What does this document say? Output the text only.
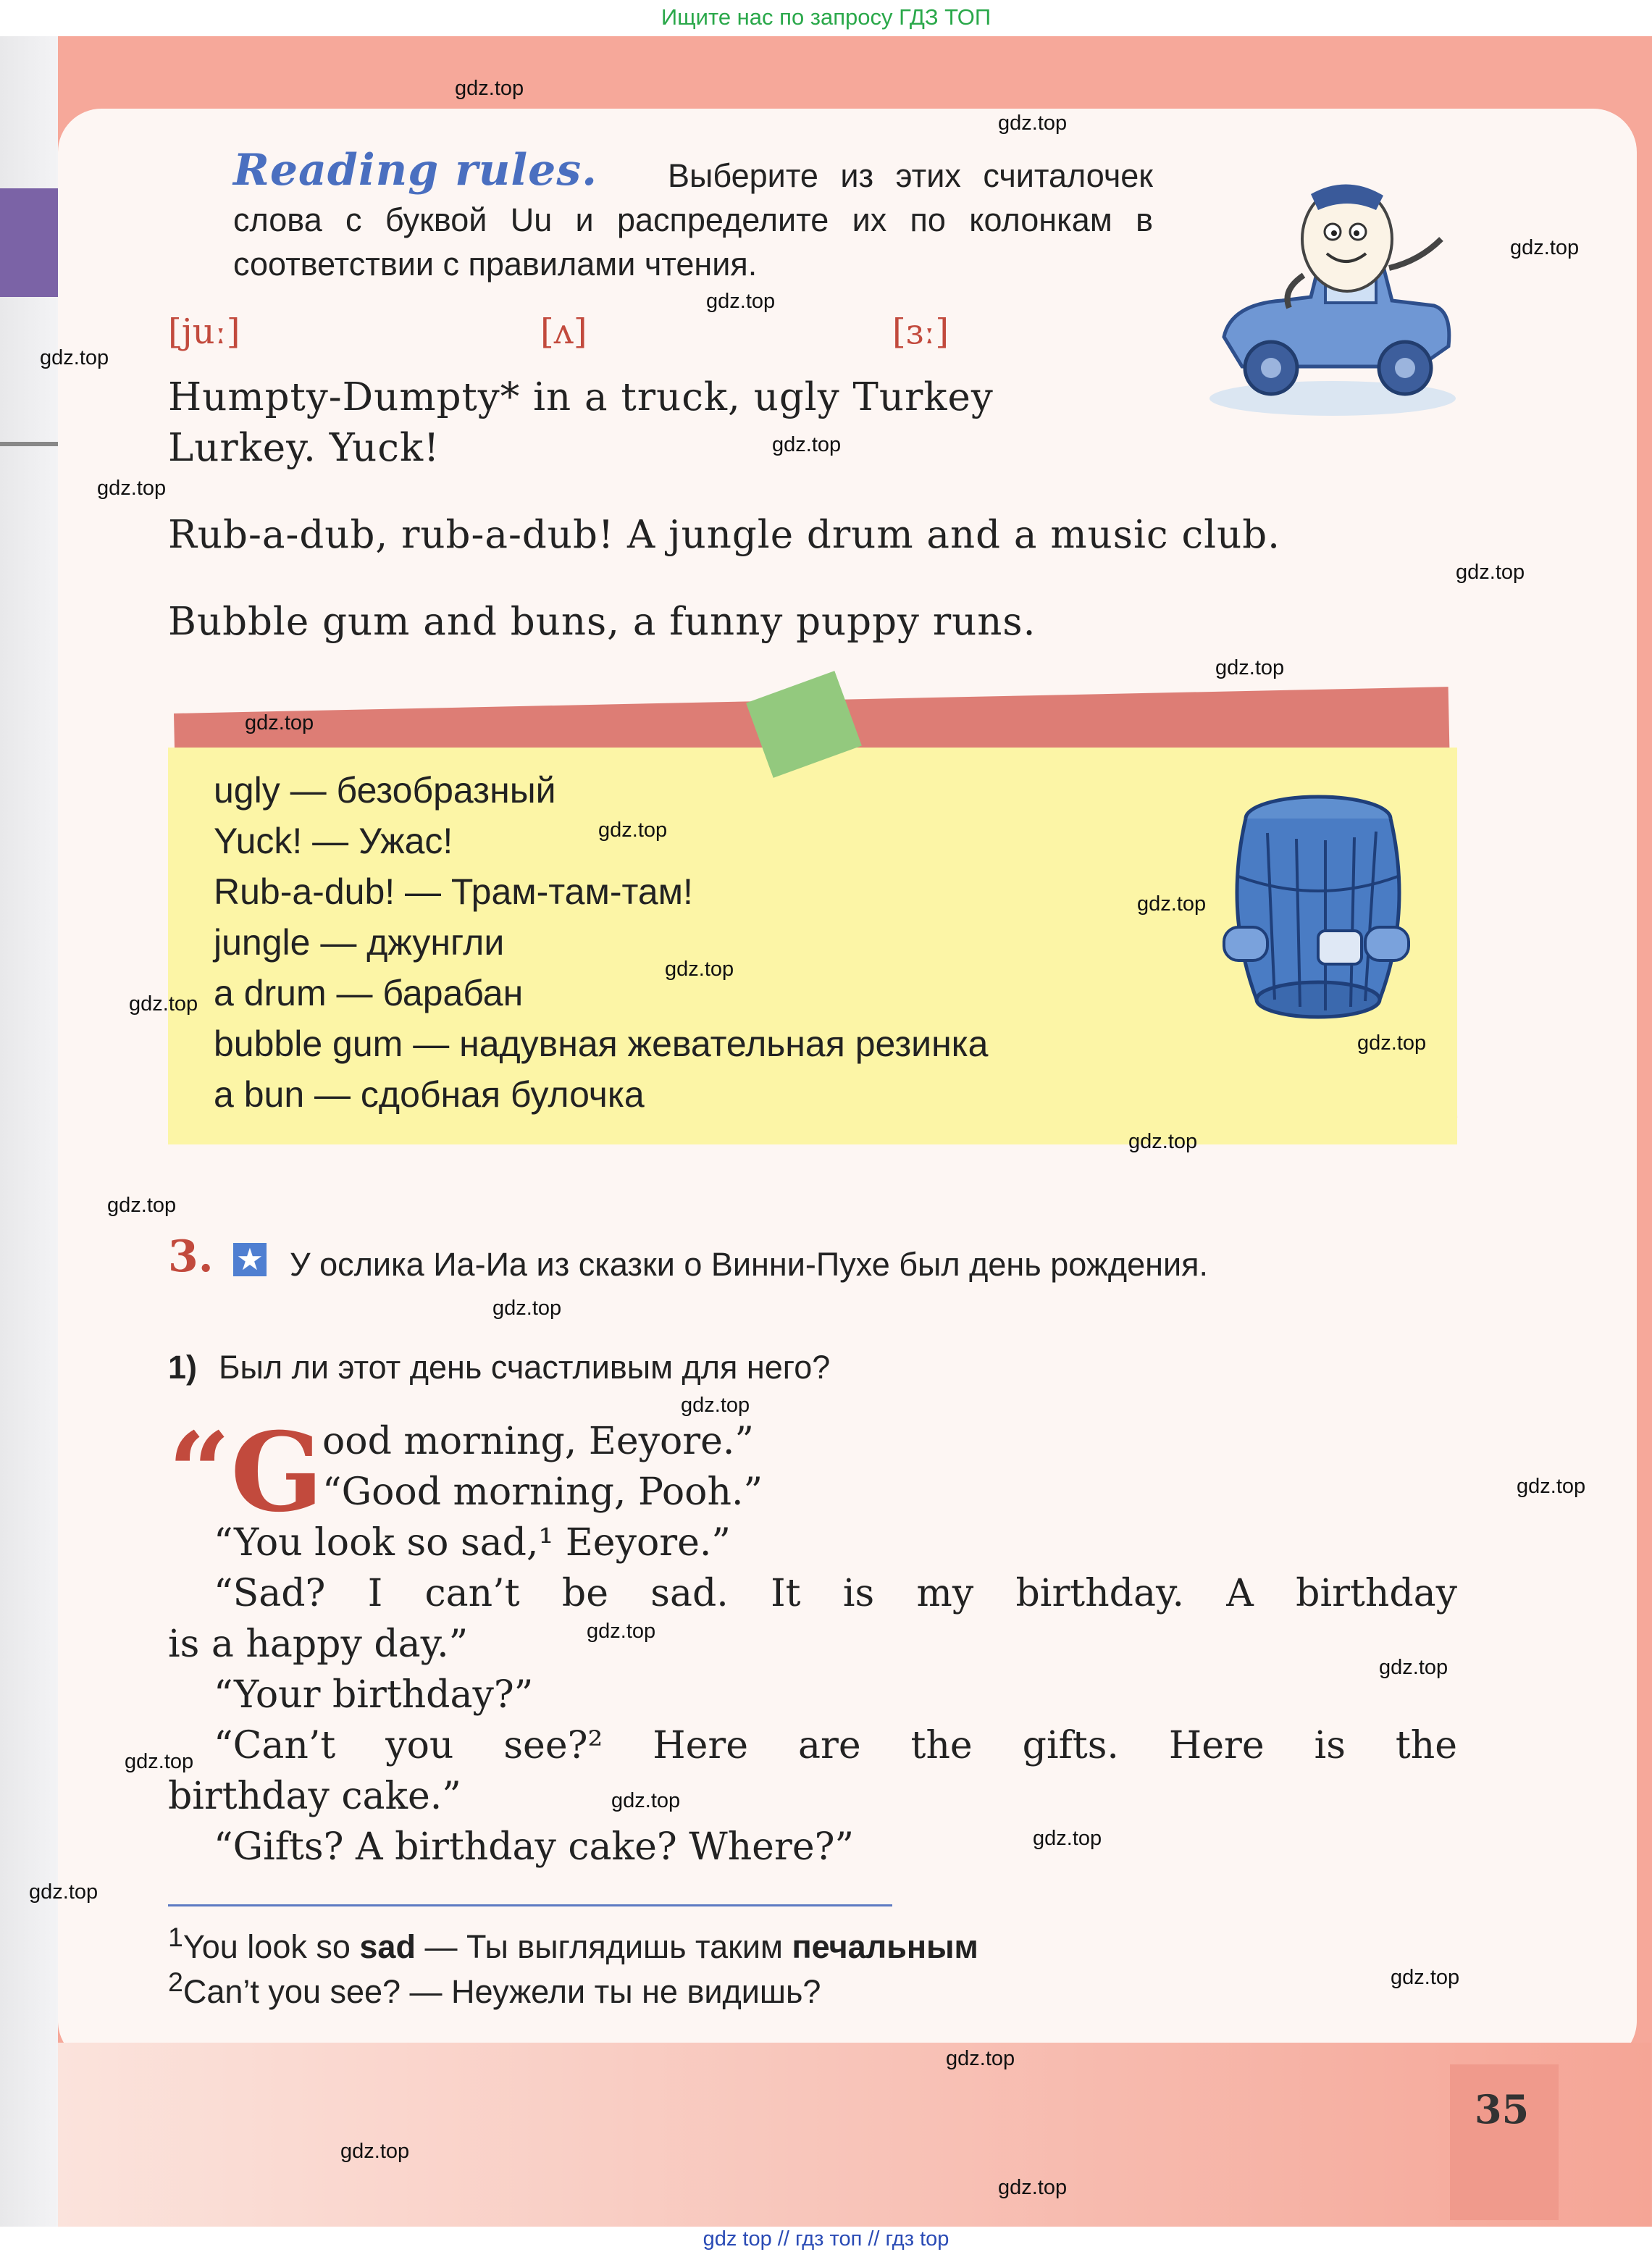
Ищите нас по запросу ГДЗ ТОП
Reading rules.	Выберите из этих считалочек слова с буквой Uu и распределите их по колонкам в соответствии с правилами чтения.
[juː]	[ʌ]	[ɜː]
Humpty-Dumpty* in a truck, ugly Turkey
Lurkey. Yuck!
Rub-a-dub, rub-a-dub! A jungle drum and a music club.
Bubble gum and buns, a funny puppy runs.
ugly — безобразный
Yuck! — Ужас!
Rub-a-dub! — Трам-там-там!
jungle — джунгли
a drum — барабан
bubble gum — надувная жевательная резинка
a bun — сдобная булочка
3. ★ У ослика Иа-Иа из сказки о Винни-Пухе был день рождения.
1) Был ли этот день счастливым для него?
“G
ood morning, Eeyore.”
“Good morning, Pooh.”
“You look so sad,¹ Eeyore.”
“Sad? I can’t be sad. It is my birthday. A birthday
is a happy day.”
“Your birthday?”
“Can’t you see?² Here are the gifts. Here is the
birthday cake.”
“Gifts? A birthday cake? Where?”
$^1$You look so sad — Ты выглядишь таким печальным
$^2$Can’t you see? — Неужели ты не видишь?
35
gdz.top
gdz.top
gdz.top
gdz.top
gdz.top
gdz.top
gdz.top
gdz.top
gdz.top
gdz.top
gdz.top
gdz.top
gdz.top
gdz.top
gdz.top
gdz.top
gdz.top
gdz.top
gdz.top
gdz.top
gdz.top
gdz.top
gdz.top
gdz.top
gdz.top
gdz.top
gdz.top
gdz.top
gdz.top
gdz.top
gdz top // гдз топ // гдз top
